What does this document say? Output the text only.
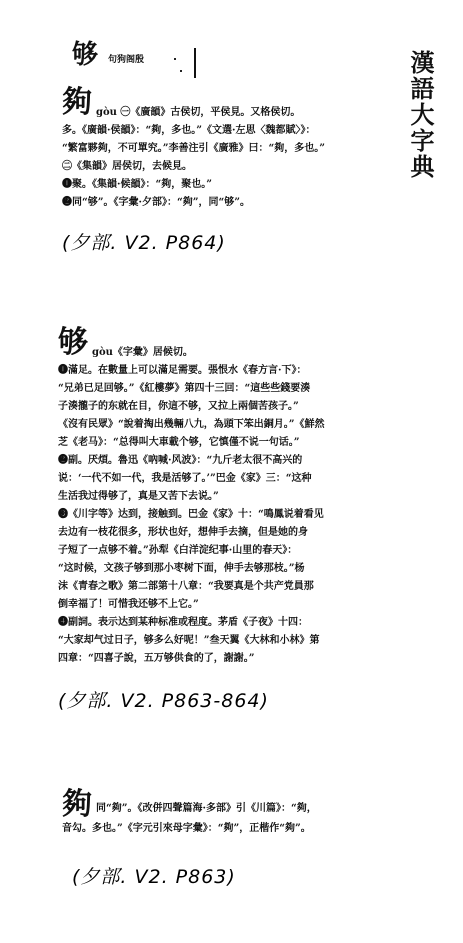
漢語大字典
够 句狗阁殷
夠 gòu ㊀《廣韻》古侯切，平侯見。又格侯切。
多。《廣韻·侯韻》：“夠，多也。”《文選·左思〈魏都賦〉》：
“繁富夥夠，不可單究。”李善注引《廣雅》曰：“夠，多也。”
㊁《集韻》居侯切，去候見。
❶聚。《集韻·候韻》：“夠，聚也。”
❷同“够”。《字彙·夕部》：“夠”，同“够”。
(夕部. V2. P864)
够 gòu《字彙》居候切。
❶滿足。在數量上可以滿足需要。張恨水《春方言·下》：
“兄弟已足回够。”《紅樓夢》第四十三回：“這些些錢要湊
子湊攏子的东就在目，你這不够，又拉上兩個苦孩子。”
《沒有民眾》“說着掏出幾輛八九，為頭下笨出銅月。”《鮮然
芝《老马》：“总得叫大車載个够，它慎僅不说一句话。”
❷副。厌煩。魯迅《吶喊·风波》：“九斤老太很不高兴的
说：‘一代不如一代，我是活够了。’”巴金《家》三：“这种
生活我过得够了，真是又苦下去说。”
❸《川字等》达到，接触到。巴金《家》十：“鳴鳳说着看见
去边有一枝花很多，形状也好，想伸手去摘，但是她的身
子短了一点够不着。”孙犁《白洋淀纪事·山里的春天》：
“这时候，文孩子够到那小枣树下面，伸手去够那枝。”杨
沫《青春之歌》第二部第十八章：“我要真是个共产党員那
倒幸福了！可惜我还够不上它。”
❹副詞。表示达到某种标准或程度。茅盾《子夜》十四：
“大家却气过日子，够多么好呢！”叁天翼《大林和小林》第
四章：“四喜子說，五万够供食的了，謝謝。”
(夕部. V2. P863-864)
夠 同“夠”。《改併四聲篇海·多部》引《川篇》：“夠，
音勾。多也。”《字元引來母字彙》：“夠”，正楷作“夠”。
(夕部. V2. P863)
